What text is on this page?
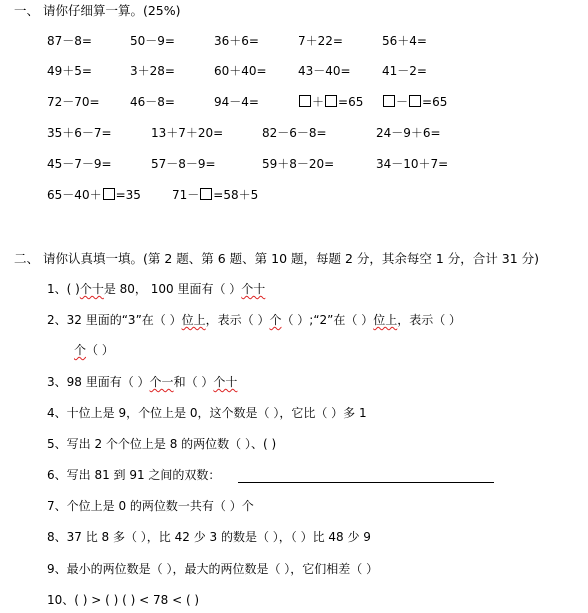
一、 请你仔细算一算。(25%)
87－8=	50－9=	36＋6=	7＋22=	56＋4=
49＋5=	3＋28=	60＋40=	43－40=	41－2=
72－70=	46－8=	94－4=	＋ =65	－ =65
35＋6－7=	13＋7＋20=	82－6－8=	24－9＋6=
45－7－9=	57－8－9=	59＋8－20=	34－10＋7=
65－40＋ =35	71－ =58＋5
二、 请你认真填一填。(第 2 题、第 6 题、第 10 题，每题 2 分，其余每空 1 分，合计 31 分)
1、( )个十是 80， 100 里面有（ ）个十
2、32 里面的“3”在（ ）位上，表示（ ）个（ ）;“2”在（ ）位上，表示（ ）
个（ ）
3、98 里面有（ ）个一和（ ）个十
4、十位上是 9，个位上是 0，这个数是（ ），它比（ ）多 1
5、写出 2 个个位上是 8 的两位数（ ）、( )
6、写出 81 到 91 之间的双数：
7、个位上是 0 的两位数一共有（ ）个
8、37 比 8 多（ ），比 42 少 3 的数是（ ），（ ）比 48 少 9
9、最小的两位数是（ ），最大的两位数是（ ），它们相差（ ）
10、( ) > ( ) ( ) < 78 < ( )
